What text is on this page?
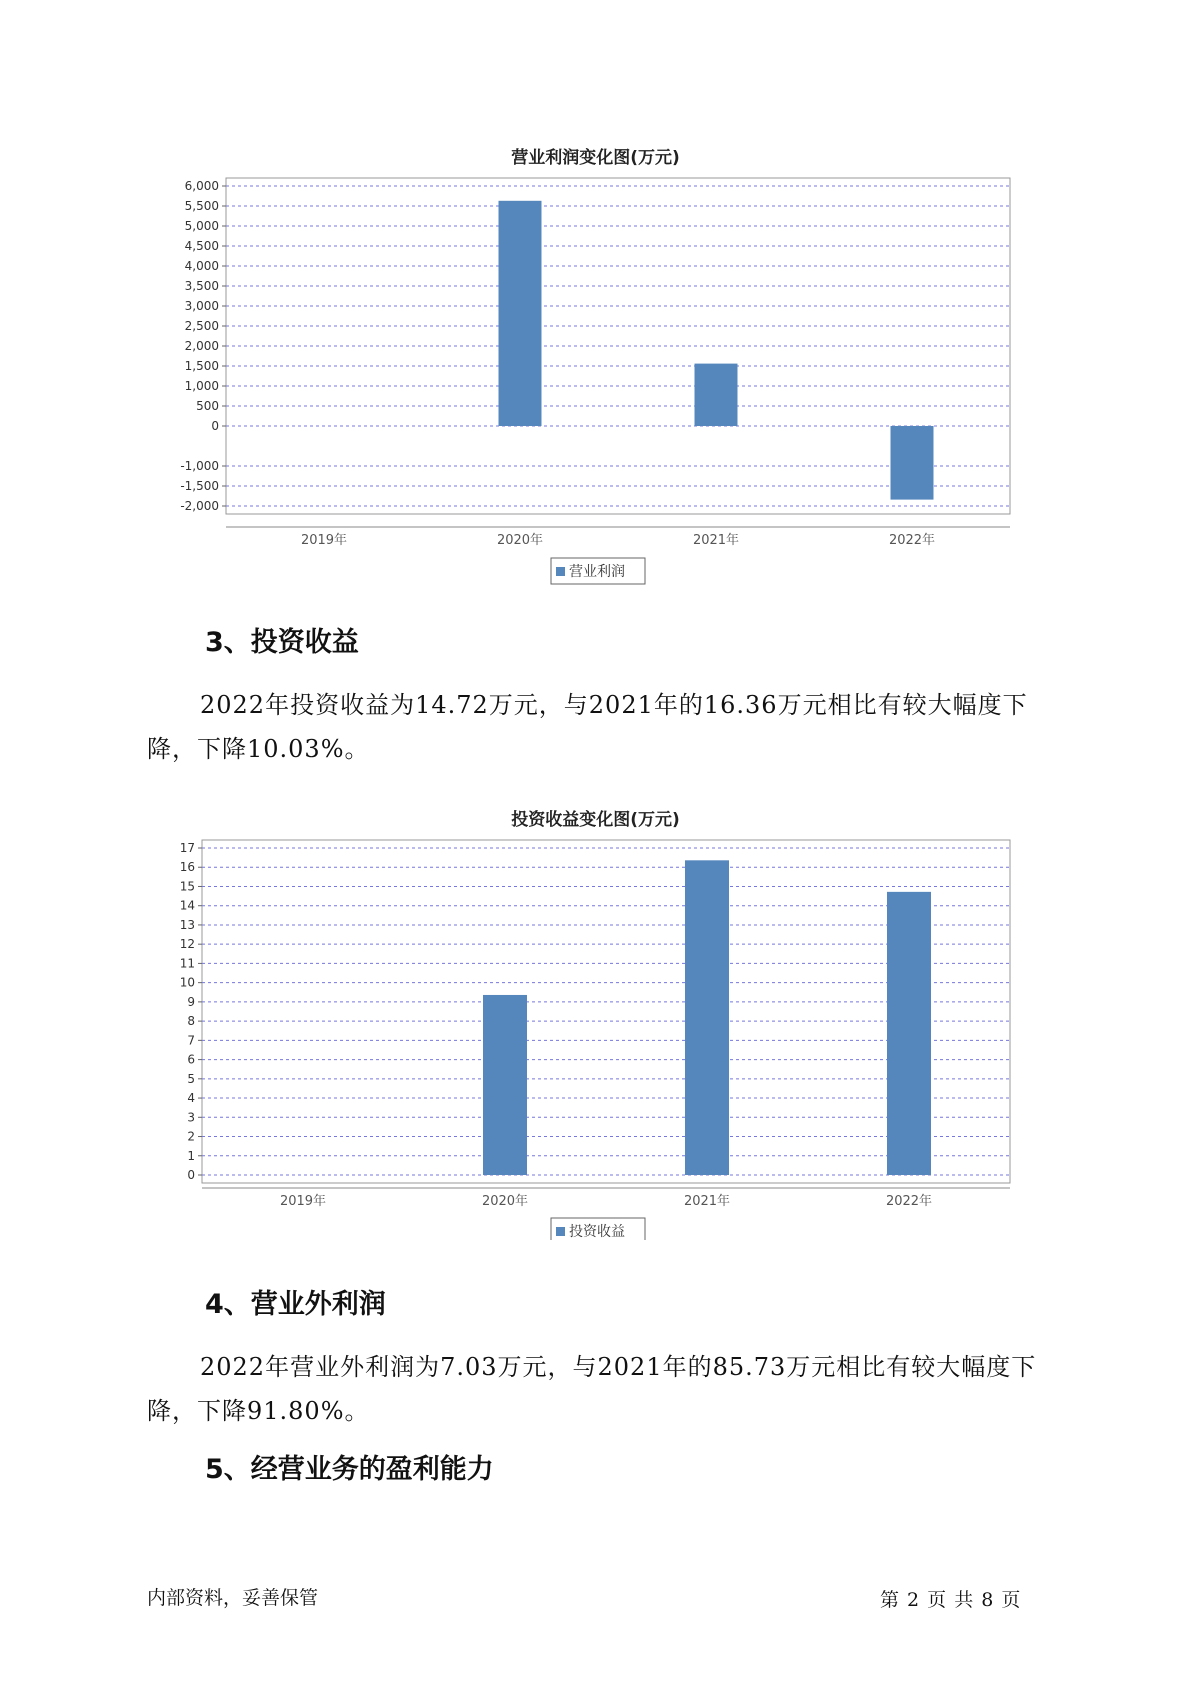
营业利润变化图(万元)
6,000
5,500
5,000
4,500
4,000
3,500
3,000
2,500
2,000
1,500
1,000
500
0
-1,000
-1,500
-2,000
2019年	2020年	2021年	2022年
营业利润
3、投资收益
2022年投资收益为14.72万元，与2021年的16.36万元相比有较大幅度下降，下降10.03%。
投资收益变化图(万元)
17
16
15
14
13
12
11
10
9
8
7
6
5
4
3
2
1
0
2019年	2020年	2021年	2022年
投资收益
4、营业外利润
2022年营业外利润为7.03万元，与2021年的85.73万元相比有较大幅度下降，下降91.80%。
5、经营业务的盈利能力
内部资料，妥善保管	第 2 页 共 8 页
